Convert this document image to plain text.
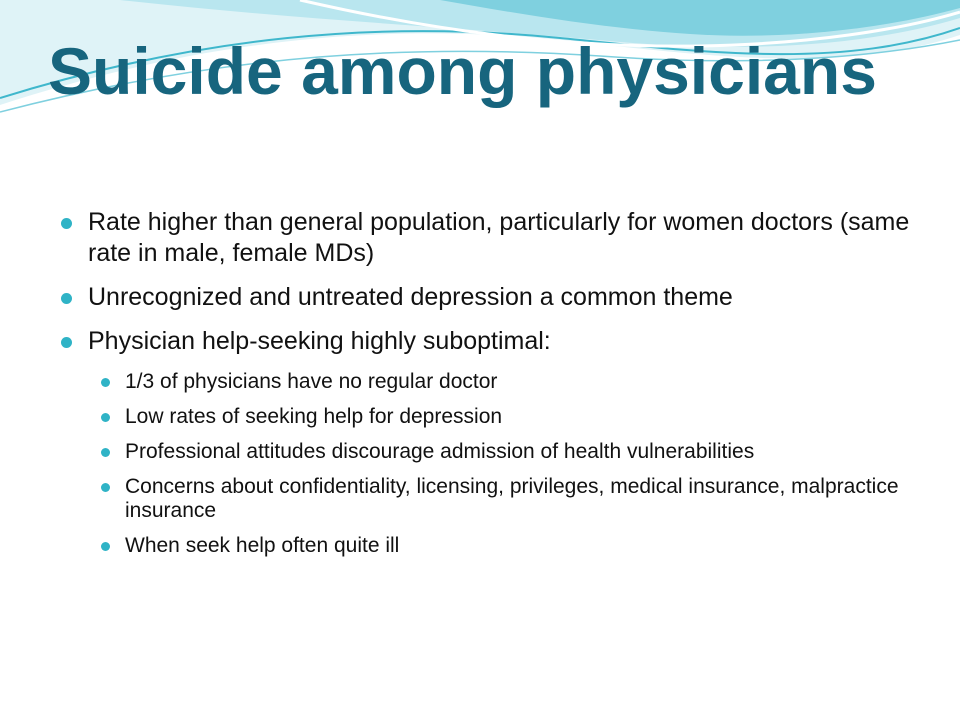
Suicide among physicians

Rate higher than general population, particularly for women doctors (same rate in male, female MDs)

Unrecognized and untreated depression a common theme

Physician help-seeking highly suboptimal:

1/3 of physicians have no regular doctor

Low rates of seeking help for depression

Professional attitudes discourage admission of health vulnerabilities

Concerns about confidentiality, licensing, privileges, medical insurance, malpractice insurance

When seek help often quite ill
